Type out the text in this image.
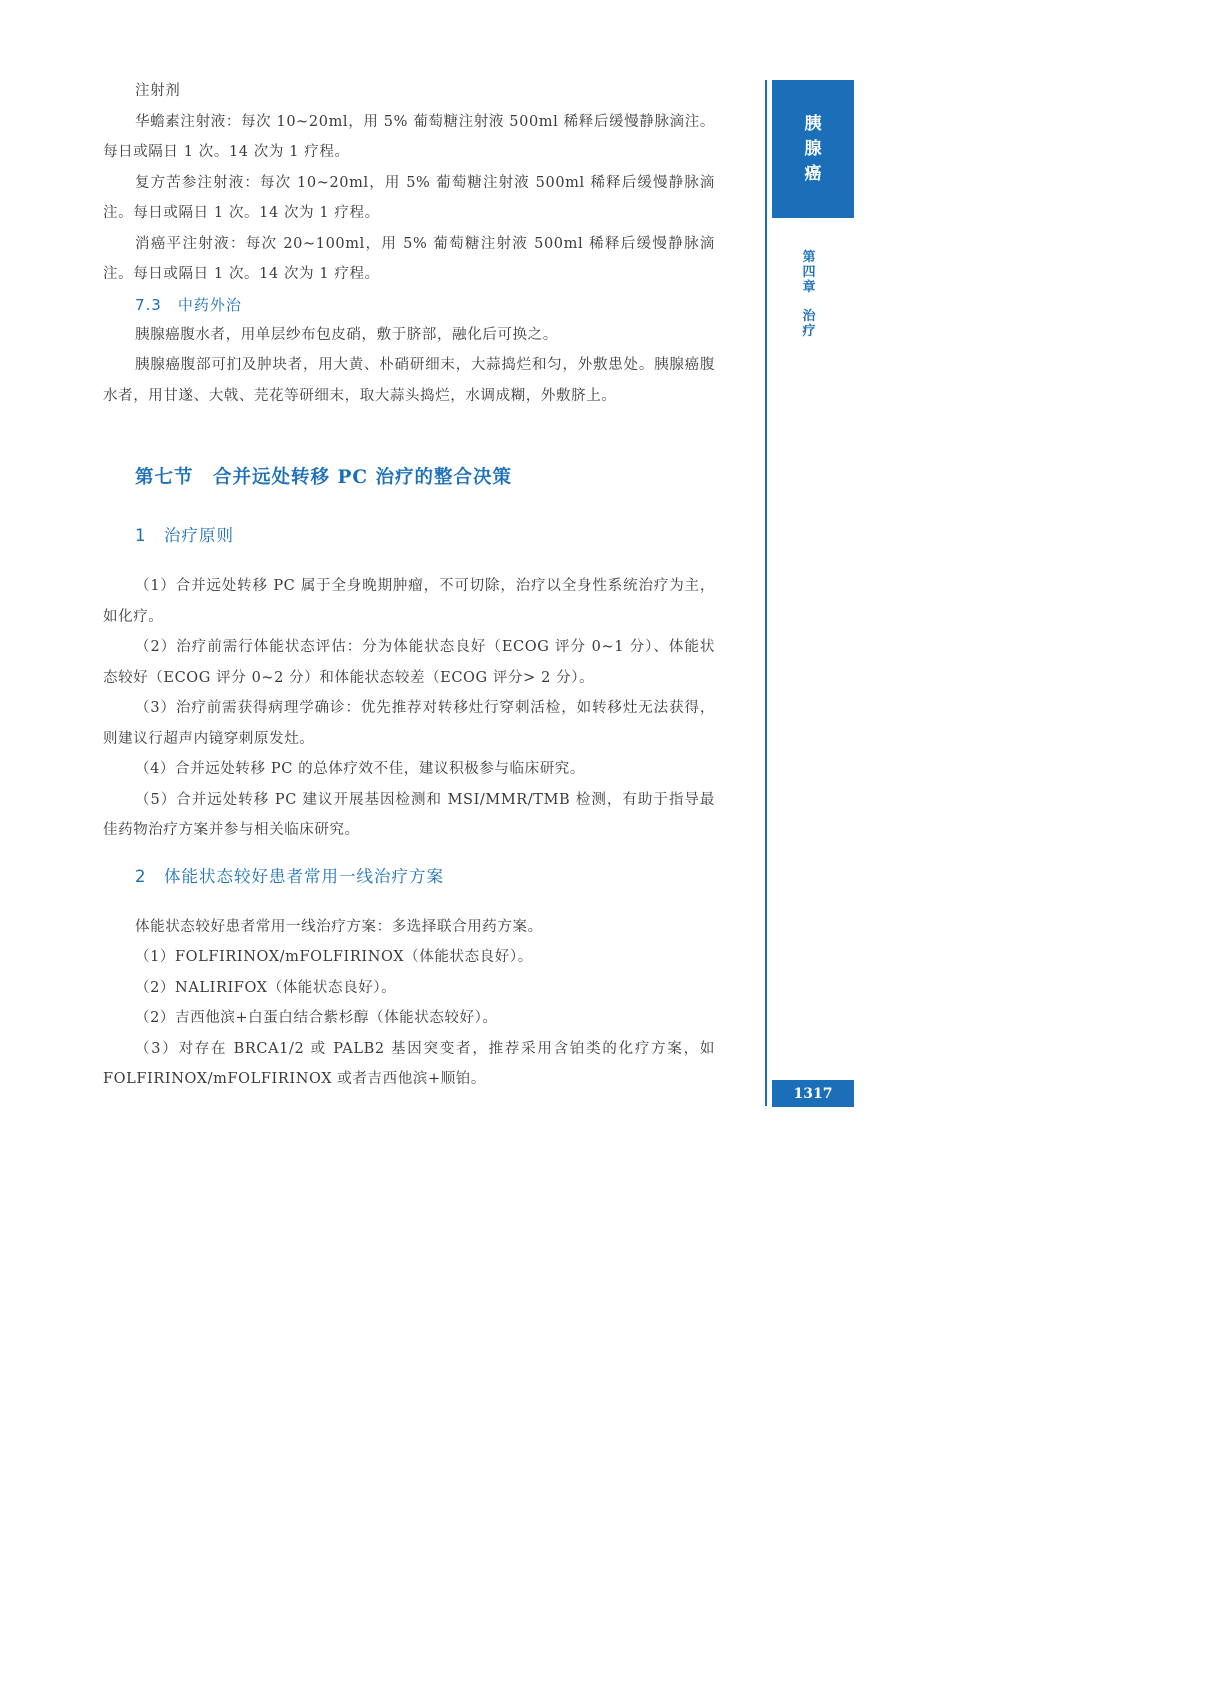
胰
腺
癌
第
四
章
治
疗
1317

注射剂

华蟾素注射液：每次 10~20ml，用 5% 葡萄糖注射液 500ml 稀释后缓慢静脉滴注。每日或隔日 1 次。14 次为 1 疗程。

复方苦参注射液：每次 10~20ml，用 5% 葡萄糖注射液 500ml 稀释后缓慢静脉滴注。每日或隔日 1 次。14 次为 1 疗程。

消癌平注射液：每次 20~100ml，用 5% 葡萄糖注射液 500ml 稀释后缓慢静脉滴注。每日或隔日 1 次。14 次为 1 疗程。

7.3　中药外治

胰腺癌腹水者，用单层纱布包皮硝，敷于脐部，融化后可换之。

胰腺癌腹部可扪及肿块者，用大黄、朴硝研细末，大蒜捣烂和匀，外敷患处。胰腺癌腹水者，用甘遂、大戟、芫花等研细末，取大蒜头捣烂，水调成糊，外敷脐上。

第七节　合并远处转移 PC 治疗的整合决策
1　治疗原则

（1）合并远处转移 PC 属于全身晚期肿瘤，不可切除，治疗以全身性系统治疗为主，如化疗。

（2）治疗前需行体能状态评估：分为体能状态良好（ECOG 评分 0~1 分）、体能状态较好（ECOG 评分 0~2 分）和体能状态较差（ECOG 评分> 2 分）。

（3）治疗前需获得病理学确诊：优先推荐对转移灶行穿刺活检，如转移灶无法获得，则建议行超声内镜穿刺原发灶。

（4）合并远处转移 PC 的总体疗效不佳，建议积极参与临床研究。

（5）合并远处转移 PC 建议开展基因检测和 MSI/MMR/TMB 检测，有助于指导最佳药物治疗方案并参与相关临床研究。

2　体能状态较好患者常用一线治疗方案

体能状态较好患者常用一线治疗方案：多选择联合用药方案。

（1）FOLFIRINOX/mFOLFIRINOX（体能状态良好）。

（2）NALIRIFOX（体能状态良好）。

（2）吉西他滨+白蛋白结合紫杉醇（体能状态较好）。

（3）对存在 BRCA1/2 或 PALB2 基因突变者，推荐采用含铂类的化疗方案，如 FOLFIRINOX/mFOLFIRINOX 或者吉西他滨+顺铂。
